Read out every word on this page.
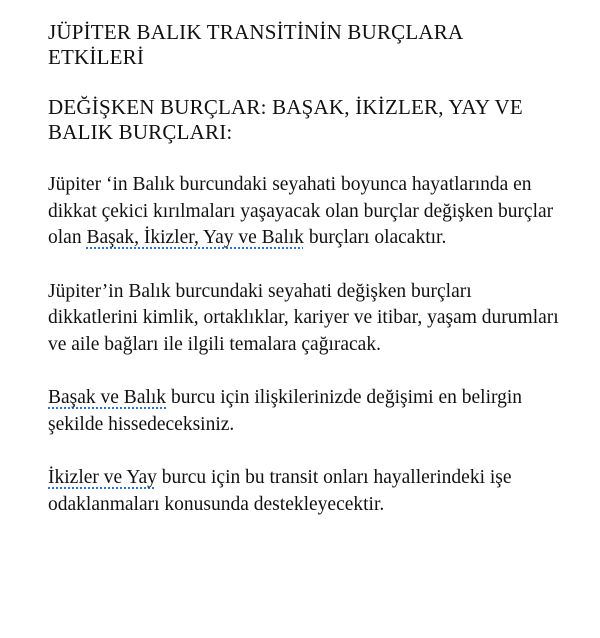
JÜPİTER BALIK TRANSİTİNİN BURÇLARA ETKİLERİ
DEĞİŞKEN BURÇLAR: BAŞAK, İKİZLER, YAY VE BALIK BURÇLARI:

Jüpiter ‘in Balık burcundaki seyahati boyunca hayatlarında en dikkat çekici kırılmaları yaşayacak olan burçlar değişken burçlar olan Başak, İkizler, Yay ve Balık burçları olacaktır.

Jüpiter’in Balık burcundaki seyahati değişken burçları dikkatlerini kimlik, ortaklıklar, kariyer ve itibar, yaşam durumları ve aile bağları ile ilgili temalara çağıracak.

Başak ve Balık burcu için ilişkilerinizde değişimi en belirgin şekilde hissedeceksiniz.

İkizler ve Yay burcu için bu transit onları hayallerindeki işe odaklanmaları konusunda destekleyecektir.
